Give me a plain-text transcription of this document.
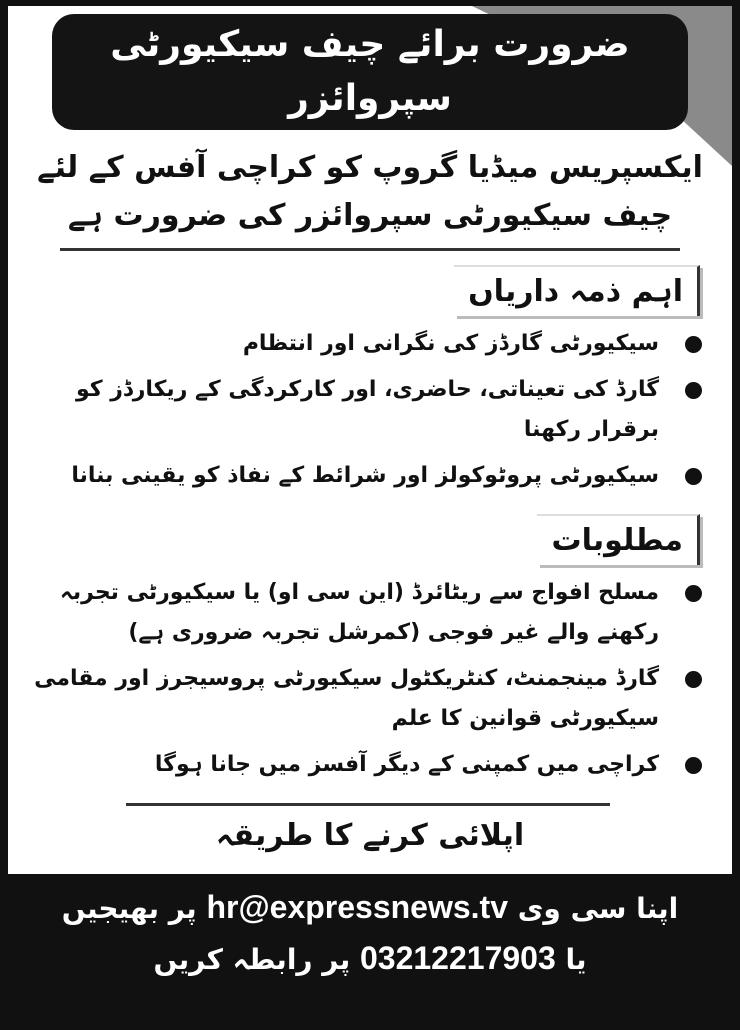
ضرورت برائے چیف سیکیورٹی سپروائزر
ایکسپریس میڈیا گروپ کو کراچی آفس کے لئے
چیف سیکیورٹی سپروائزر کی ضرورت ہے
اہم ذمہ داریاں
سیکیورٹی گارڈز کی نگرانی اور انتظام
گارڈ کی تعیناتی، حاضری، اور کارکردگی کے ریکارڈز کو برقرار رکھنا
سیکیورٹی پروٹوکولز اور شرائط کے نفاذ کو یقینی بنانا
مطلوبات
مسلح افواج سے ریٹائرڈ (این سی او) یا سیکیورٹی تجربہ رکھنے والے غیر فوجی (کمرشل تجربہ ضروری ہے)
گارڈ مینجمنٹ، کنٹریکٹول سیکیورٹی پروسیجرز اور مقامی سیکیورٹی قوانین کا علم
کراچی میں کمپنی کے دیگر آفسز میں جانا ہوگا
اپلائی کرنے کا طریقہ
اپنا سی وی hr@expressnews.tv پر بھیجیں
یا 03212217903 پر رابطہ کریں
